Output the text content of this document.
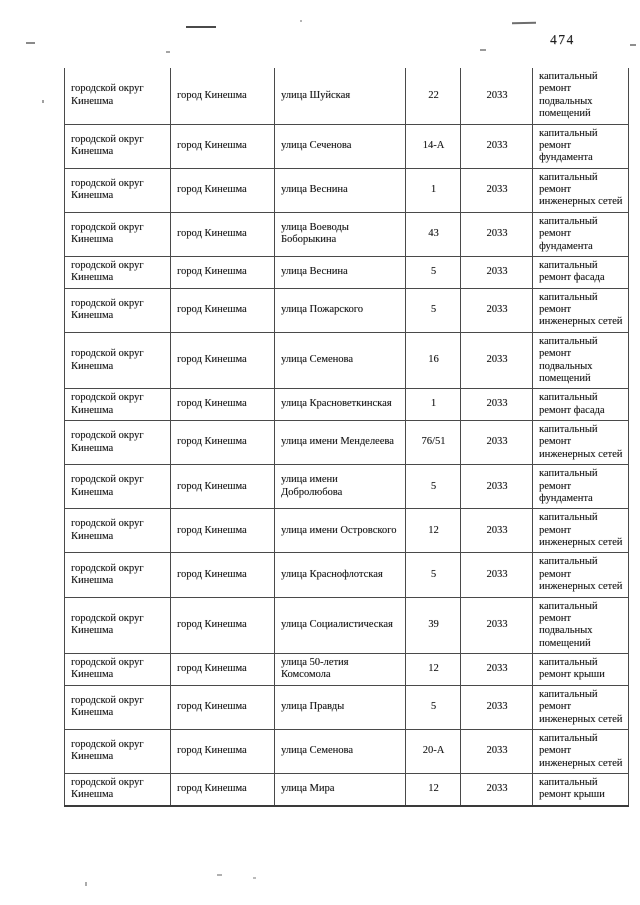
474
городской округ Кинешма	город Кинешма	улица Шуйская	22	2033	капитальный ремонт подвальных помещений
городской округ Кинешма	город Кинешма	улица Сеченова	14-А	2033	капитальный ремонт фундамента
городской округ Кинешма	город Кинешма	улица Веснина	1	2033	капитальный ремонт инженерных сетей
городской округ Кинешма	город Кинешма	улица Воеводы Боборыкина	43	2033	капитальный ремонт фундамента
городской округ Кинешма	город Кинешма	улица Веснина	5	2033	капитальный ремонт фасада
городской округ Кинешма	город Кинешма	улица Пожарского	5	2033	капитальный ремонт инженерных сетей
городской округ Кинешма	город Кинешма	улица Семенова	16	2033	капитальный ремонт подвальных помещений
городской округ Кинешма	город Кинешма	улица Красноветкинская	1	2033	капитальный ремонт фасада
городской округ Кинешма	город Кинешма	улица имени Менделеева	76/51	2033	капитальный ремонт инженерных сетей
городской округ Кинешма	город Кинешма	улица имени Добролюбова	5	2033	капитальный ремонт фундамента
городской округ Кинешма	город Кинешма	улица имени Островского	12	2033	капитальный ремонт инженерных сетей
городской округ Кинешма	город Кинешма	улица Краснофлотская	5	2033	капитальный ремонт инженерных сетей
городской округ Кинешма	город Кинешма	улица Социалистическая	39	2033	капитальный ремонт подвальных помещений
городской округ Кинешма	город Кинешма	улица 50-летия Комсомола	12	2033	капитальный ремонт крыши
городской округ Кинешма	город Кинешма	улица Правды	5	2033	капитальный ремонт инженерных сетей
городской округ Кинешма	город Кинешма	улица Семенова	20-А	2033	капитальный ремонт инженерных сетей
городской округ Кинешма	город Кинешма	улица Мира	12	2033	капитальный ремонт крыши
